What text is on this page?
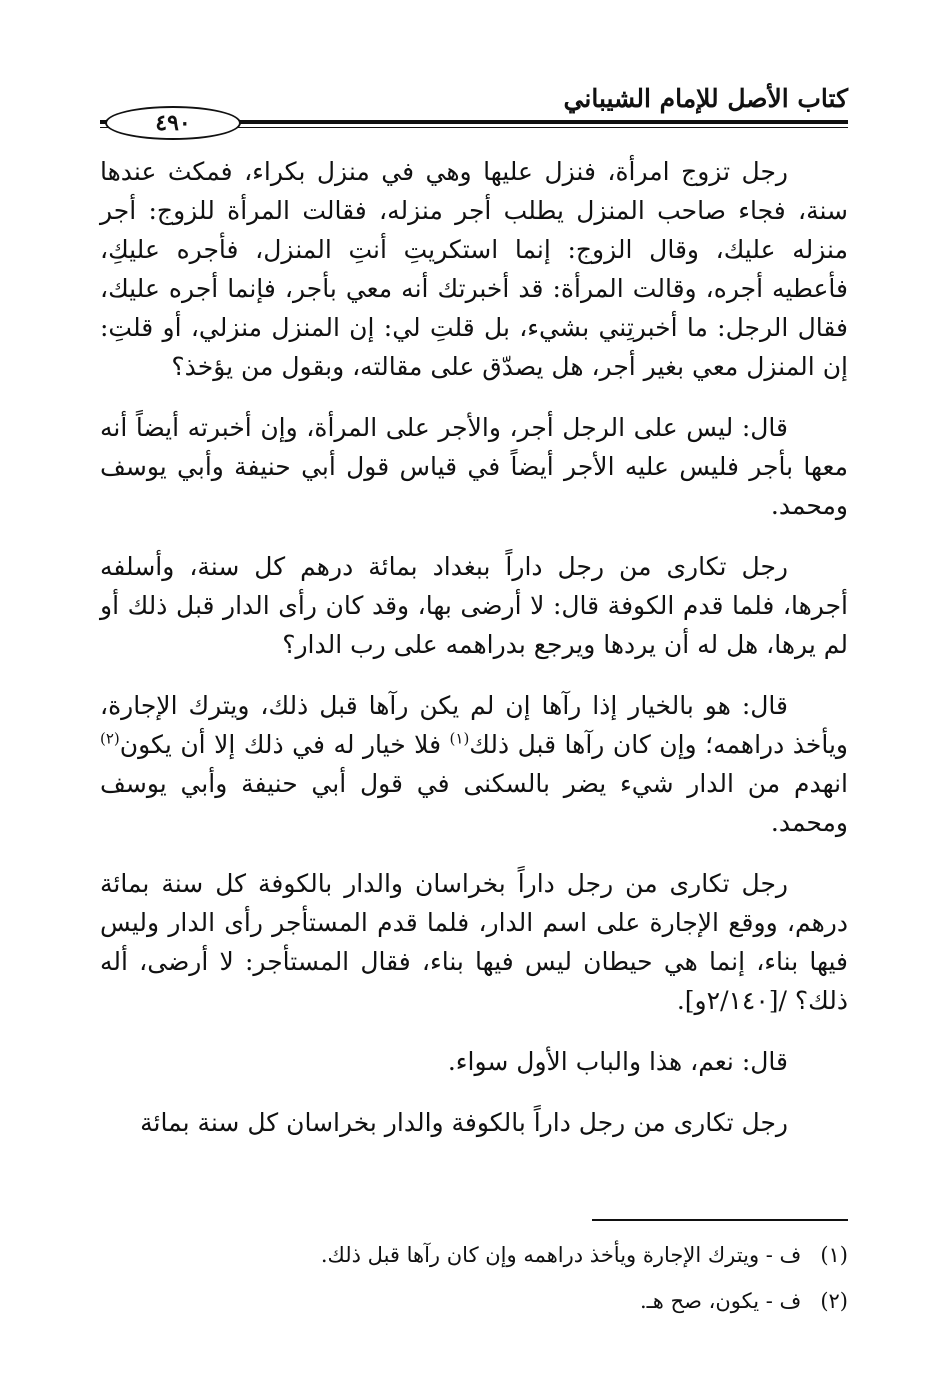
كتاب الأصل للإمام الشيباني
٤٩٠

رجل تزوج امرأة، فنزل عليها وهي في منزل بكراء، فمكث عندها سنة، فجاء صاحب المنزل يطلب أجر منزله، فقالت المرأة للزوج: أجر منزله عليك، وقال الزوج: إنما استكريتِ أنتِ المنزل، فأجره عليكِ، فأعطيه أجره، وقالت المرأة: قد أخبرتك أنه معي بأجر، فإنما أجره عليك، فقال الرجل: ما أخبرتِني بشيء، بل قلتِ لي: إن المنزل منزلي، أو قلتِ: إن المنزل معي بغير أجر، هل يصدّق على مقالته، وبقول من يؤخذ؟

قال: ليس على الرجل أجر، والأجر على المرأة، وإن أخبرته أيضاً أنه معها بأجر فليس عليه الأجر أيضاً في قياس قول أبي حنيفة وأبي يوسف ومحمد.

رجل تكارى من رجل داراً ببغداد بمائة درهم كل سنة، وأسلفه أجرها، فلما قدم الكوفة قال: لا أرضى بها، وقد كان رأى الدار قبل ذلك أو لم يرها، هل له أن يردها ويرجع بدراهمه على رب الدار؟

قال: هو بالخيار إذا رآها إن لم يكن رآها قبل ذلك، ويترك الإجارة، ويأخذ دراهمه؛ وإن كان رآها قبل ذلك$^{(١)}$ فلا خيار له في ذلك إلا أن يكون$^{(٢)}$ انهدم من الدار شيء يضر بالسكنى في قول أبي حنيفة وأبي يوسف ومحمد.

رجل تكارى من رجل داراً بخراسان والدار بالكوفة كل سنة بمائة درهم، ووقع الإجارة على اسم الدار، فلما قدم المستأجر رأى الدار وليس فيها بناء، إنما هي حيطان ليس فيها بناء، فقال المستأجر: لا أرضى، أله ذلك؟ /[٢/١٤٠و].

قال: نعم، هذا والباب الأول سواء.

رجل تكارى من رجل داراً بالكوفة والدار بخراسان كل سنة بمائة

(١) ف - ويترك الإجارة ويأخذ دراهمه وإن كان رآها قبل ذلك.

(٢) ف - يكون، صح هـ.
